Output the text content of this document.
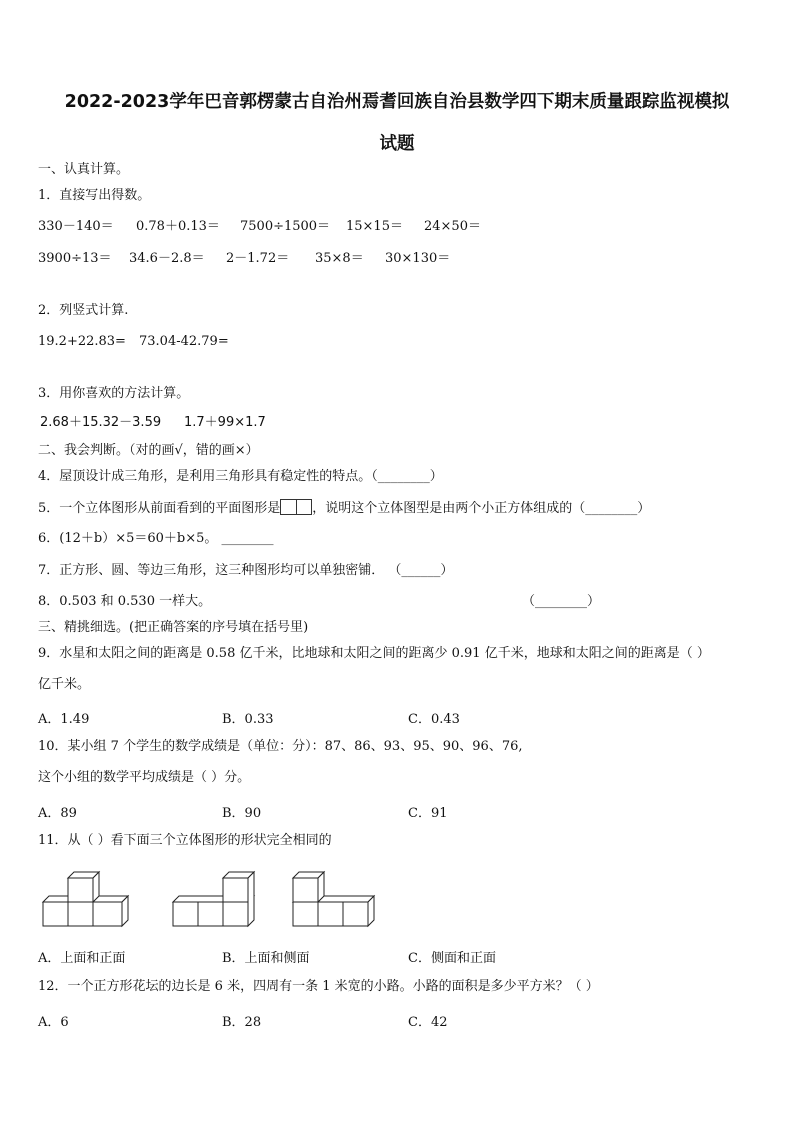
2022-2023学年巴音郭楞蒙古自治州焉耆回族自治县数学四下期末质量跟踪监视模拟
试题
一、认真计算。
1．直接写出得数。
330－140＝ 0.78＋0.13＝ 7500÷1500＝ 15×15＝ 24×50＝
3900÷13＝ 34.6－2.8＝ 2－1.72＝ 35×8＝ 30×130＝
2．列竖式计算.
19.2+22.83= 73.04-42.79=
3．用你喜欢的方法计算。
2.68＋15.32－3.59 1.7＋99×1.7
二、我会判断。（对的画√，错的画×）
4．屋顶设计成三角形，是利用三角形具有稳定性的特点。（________）
5．一个立体图形从前面看到的平面图形是 ，说明这个立体图型是由两个小正方体组成的（________）
6．(12＋b）×5＝60＋b×5。 ________
7．正方形、圆、等边三角形，这三种图形均可以单独密铺． （______）
8．0.503 和 0.530 一样大。	（________）
三、精挑细选。(把正确答案的序号填在括号里)
9．水星和太阳之间的距离是 0.58 亿千米，比地球和太阳之间的距离少 0.91 亿千米，地球和太阳之间的距离是（ ）
亿千米。
A．1.49	B．0.33	C．0.43
10．某小组 7 个学生的数学成绩是（单位：分）：87、86、93、95、90、96、76,
这个小组的数学平均成绩是（ ）分。
A．89	B．90	C．91
11．从（ ）看下面三个立体图形的形状完全相同的
A．上面和正面	B．上面和侧面	C．侧面和正面
12．一个正方形花坛的边长是 6 米，四周有一条 1 米宽的小路。小路的面积是多少平方米？（ ）
A．6	B．28	C．42
